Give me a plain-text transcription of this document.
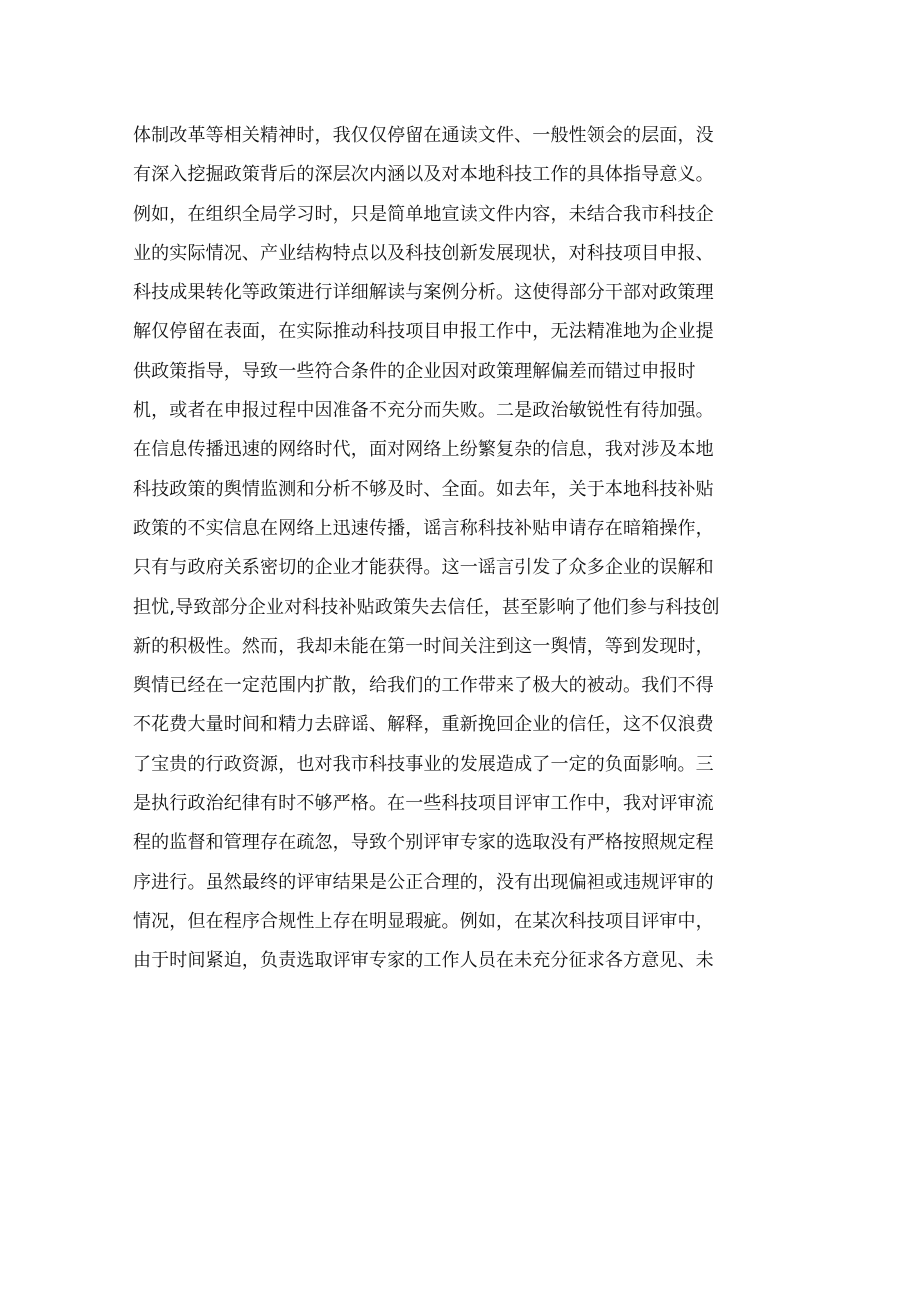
体制改革等相关精神时，我仅仅停留在通读文件、一般性领会的层面，没
有深入挖掘政策背后的深层次内涵以及对本地科技工作的具体指导意义。
例如，在组织全局学习时，只是简单地宣读文件内容，未结合我市科技企
业的实际情况、产业结构特点以及科技创新发展现状，对科技项目申报、
科技成果转化等政策进行详细解读与案例分析。这使得部分干部对政策理
解仅停留在表面，在实际推动科技项目申报工作中，无法精准地为企业提
供政策指导，导致一些符合条件的企业因对政策理解偏差而错过申报时
机，或者在申报过程中因准备不充分而失败。二是政治敏锐性有待加强。
在信息传播迅速的网络时代，面对网络上纷繁复杂的信息，我对涉及本地
科技政策的舆情监测和分析不够及时、全面。如去年，关于本地科技补贴
政策的不实信息在网络上迅速传播，谣言称科技补贴申请存在暗箱操作，
只有与政府关系密切的企业才能获得。这一谣言引发了众多企业的误解和
担忧,导致部分企业对科技补贴政策失去信任，甚至影响了他们参与科技创
新的积极性。然而，我却未能在第一时间关注到这一舆情，等到发现时，
舆情已经在一定范围内扩散，给我们的工作带来了极大的被动。我们不得
不花费大量时间和精力去辟谣、解释，重新挽回企业的信任，这不仅浪费
了宝贵的行政资源，也对我市科技事业的发展造成了一定的负面影响。三
是执行政治纪律有时不够严格。在一些科技项目评审工作中，我对评审流
程的监督和管理存在疏忽，导致个别评审专家的选取没有严格按照规定程
序进行。虽然最终的评审结果是公正合理的，没有出现偏袒或违规评审的
情况，但在程序合规性上存在明显瑕疵。例如，在某次科技项目评审中，
由于时间紧迫，负责选取评审专家的工作人员在未充分征求各方意见、未
